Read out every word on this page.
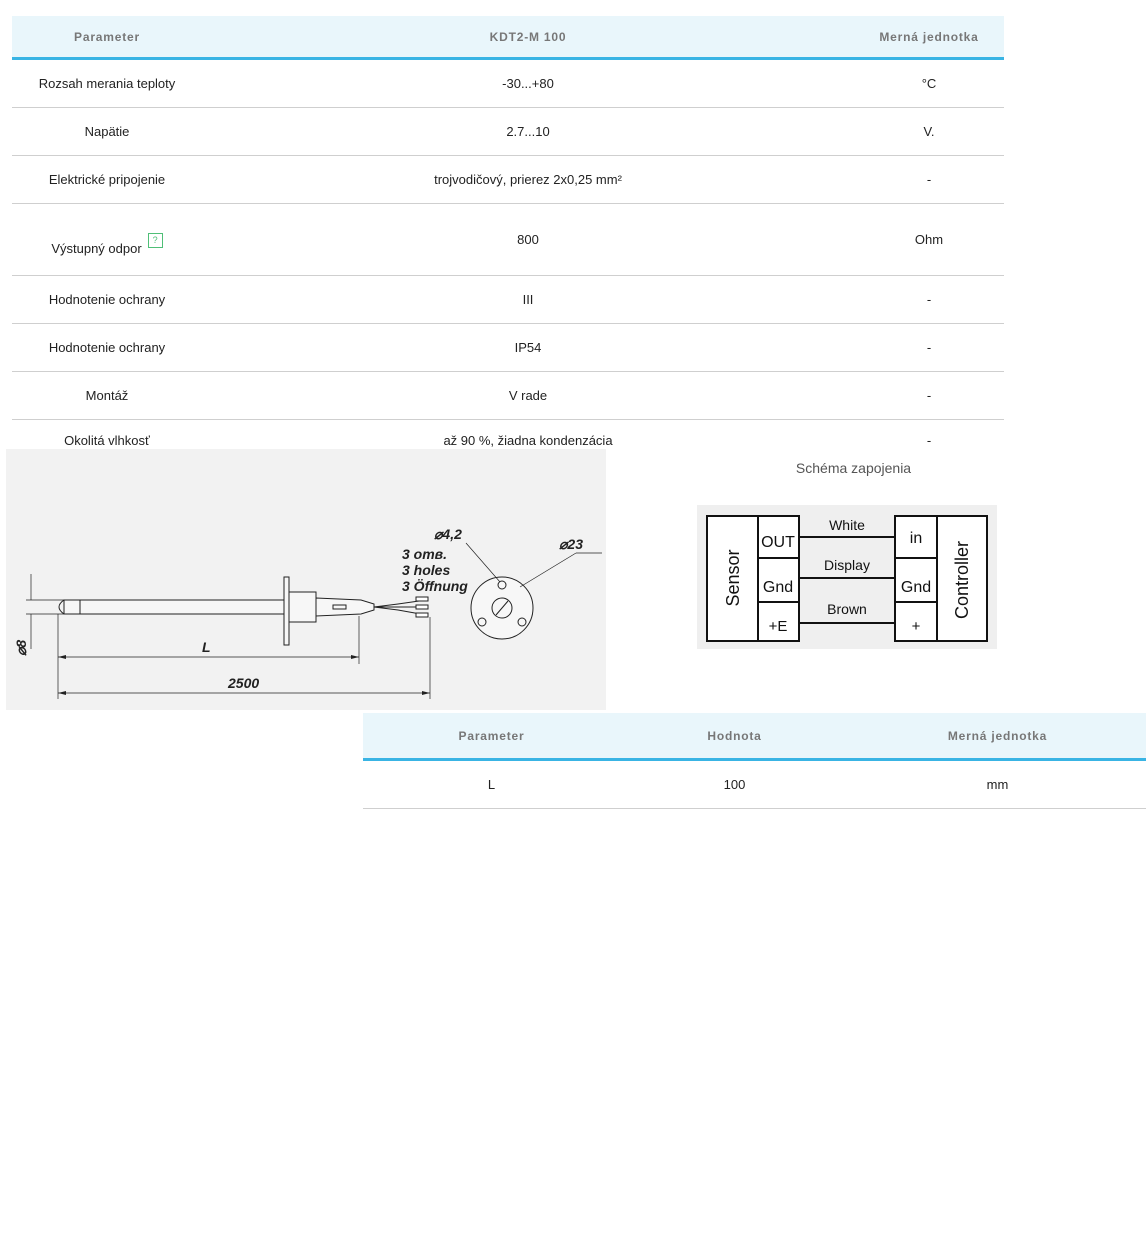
Parameter	KDT2-M 100	Merná jednotka
Rozsah merania teploty	-30...+80	°C
Napätie	2.7...10	V.
Elektrické pripojenie	trojvodičový, prierez 2x0,25 mm²	-
Výstupný odpor?	800	Ohm
Hodnotenie ochrany	III	-
Hodnotenie ochrany	IP54	-
Montáž	V rade	-
Okolitá vlhkosť	až 90 %, žiadna kondenzácia	-
⌀4,2
⌀23
3 отв.
3 holes
3 Öffnung
L
2500
⌀8
Schéma zapojenia
Sensor	Controller
OUT
Gnd
+E
in
Gnd
+
White
Display
Brown
Parameter	Hodnota	Merná jednotka
L	100	mm
